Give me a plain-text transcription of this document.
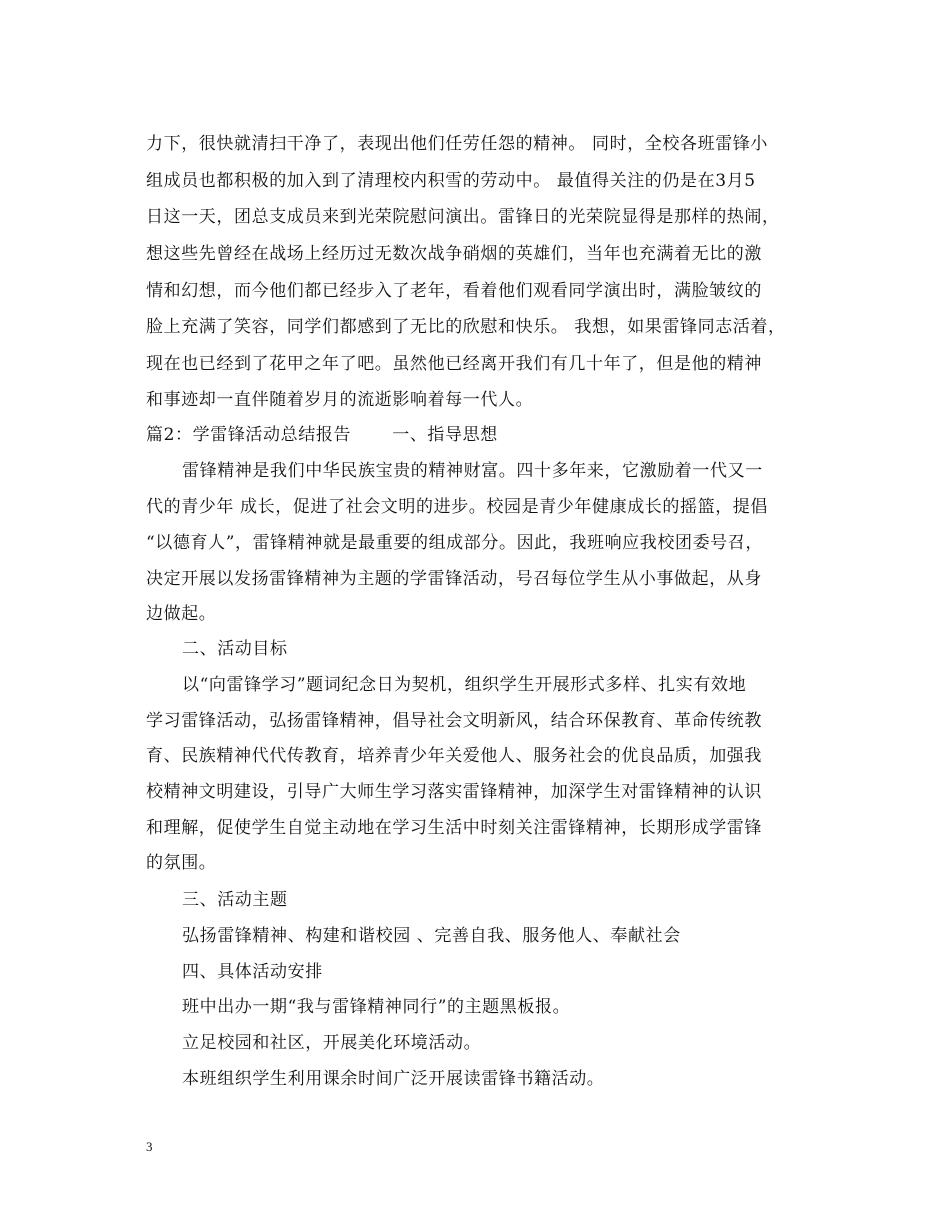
力下，很快就清扫干净了，表现出他们任劳任怨的精神。 同时，全校各班雷锋小
组成员也都积极的加入到了清理校内积雪的劳动中。 最值得关注的仍是在3月5
日这一天，团总支成员来到光荣院慰问演出。雷锋日的光荣院显得是那样的热闹，
想这些先曾经在战场上经历过无数次战争硝烟的英雄们，当年也充满着无比的激
情和幻想，而今他们都已经步入了老年，看着他们观看同学演出时，满脸皱纹的
脸上充满了笑容，同学们都感到了无比的欣慰和快乐。 我想，如果雷锋同志活着，
现在也已经到了花甲之年了吧。虽然他已经离开我们有几十年了，但是他的精神
和事迹却一直伴随着岁月的流逝影响着每一代人。
篇2：学雷锋活动总结报告 　　一、指导思想
雷锋精神是我们中华民族宝贵的精神财富。四十多年来，它激励着一代又一
代的青少年 成长，促进了社会文明的进步。校园是青少年健康成长的摇篮，提倡
“以德育人”，雷锋精神就是最重要的组成部分。因此，我班响应我校团委号召，
决定开展以发扬雷锋精神为主题的学雷锋活动，号召每位学生从小事做起，从身
边做起。
二、活动目标
以“向雷锋学习”题词纪念日为契机，组织学生开展形式多样、扎实有效地
学习雷锋活动，弘扬雷锋精神，倡导社会文明新风，结合环保教育、革命传统教
育、民族精神代代传教育，培养青少年关爱他人、服务社会的优良品质，加强我
校精神文明建设，引导广大师生学习落实雷锋精神，加深学生对雷锋精神的认识
和理解，促使学生自觉主动地在学习生活中时刻关注雷锋精神，长期形成学雷锋
的氛围。
三、活动主题
弘扬雷锋精神、构建和谐校园 、完善自我、服务他人、奉献社会
四、具体活动安排
班中出办一期“我与雷锋精神同行”的主题黑板报。
立足校园和社区，开展美化环境活动。
本班组织学生利用课余时间广泛开展读雷锋书籍活动。
3
